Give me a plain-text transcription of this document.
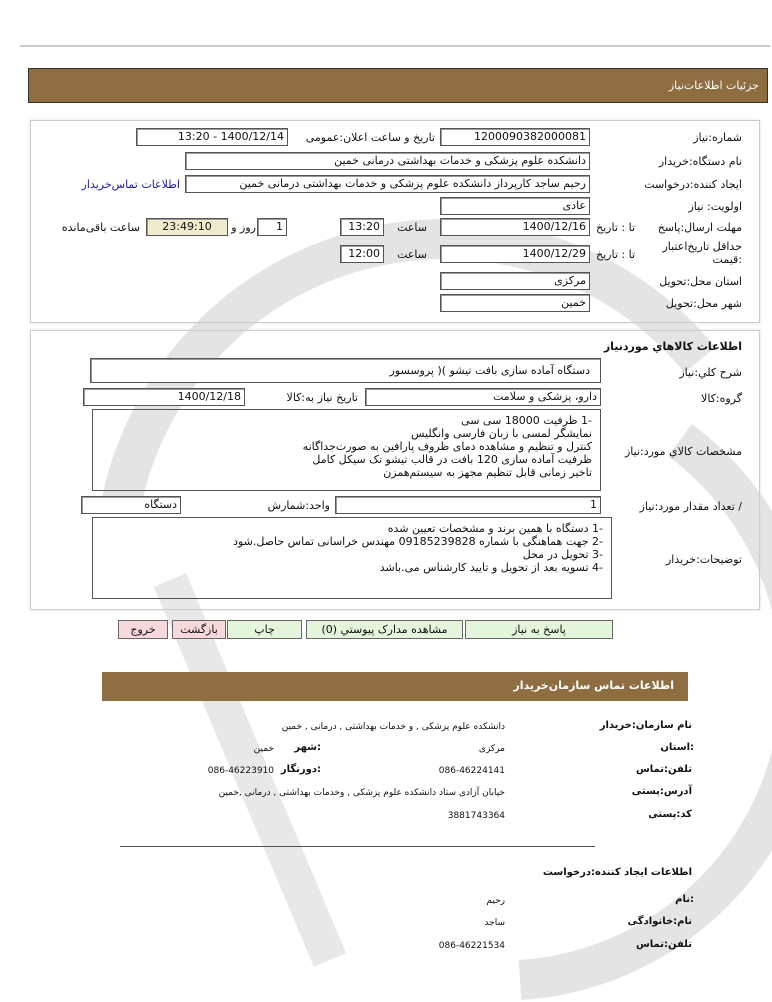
جزئیات اطلاعات‌نیاز
شماره:نیاز
1200090382000081
تاریخ و ساعت اعلان:عمومی
1400/12/14 - 13:20
نام دستگاه:خریدار
دانشکده علوم پزشکی و خدمات بهداشتی درمانی خمین
ایجاد کننده:درخواست
رحیم ساجد کارپرداز دانشکده علوم پزشکی و خدمات بهداشتی درمانی خمین
اطلاعات تماس‌خریدار
اولویت: نیاز
عادی
مهلت ارسال:پاسخ
تا : تاریخ
1400/12/16
ساعت
13:20
1
روز و
23:49:10
ساعت باقی‌مانده
حداقل تاریخ‌اعتبار :قیمت
تا : تاریخ
1400/12/29
ساعت
12:00
استان محل:تحویل
مرکزی
شهر محل:تحویل
خمین
اطلاعات كالاهاي موردنياز
شرح کلي:نیاز
دستگاه آماده سازی بافت تیشو )( پروسسور
گروه:کالا
دارو، پزشکی و سلامت
تاریخ نیاز به:کالا
1400/12/18
مشخصات کالاي مورد:نياز
-1 ظرفیت 18000 سی سی
نمایشگر لمسی با زبان فارسی وانگلیس
کنترل و تنظیم و مشاهده دمای ظروف پارافین به صورت‌جداگانه
ظرفیت آماده سازی 120 بافت در قالب تیشو تک سیکل کامل
تاخیر زمانی قابل تنظیم مجهز به سیستم‌همزن
/ تعداد مقدار مورد:نیاز
1
واحد:شمارش
دستگاه
توضیحات:خریدار
-1 دستگاه با همین برند و مشخصات تعیین شده
-2 جهت هماهنگی با شماره 09185239828 مهندس خراسانی تماس حاصل.شود
-3 تحویل در محل
-4 تسویه بعد از تحویل و تایید کارشناس می.باشد
پاسخ به نیاز
مشاهده مدارک پیوستي (0)
چاپ
بازگشت
خروج
اطلاعات تماس سازمان‌خریدار
نام سازمان:خریدار
دانشکده علوم پزشکی , و خدمات بهداشتی , درمانی , خمین
:استان
مرکزی
:شهر
خمین
تلفن:تماس
086-46224141
:دورنگار
086-46223910
آدرس:پستی
خیابان آزادی ستاد دانشکده علوم پزشکی , وخدمات بهداشتی , درمانی ,خمین
کد:پستی
3881743364
اطلاعات ایجاد کننده:درخواست
:نام
رحیم
نام:خانوادگی
ساجد
تلفن:تماس
086-46221534
